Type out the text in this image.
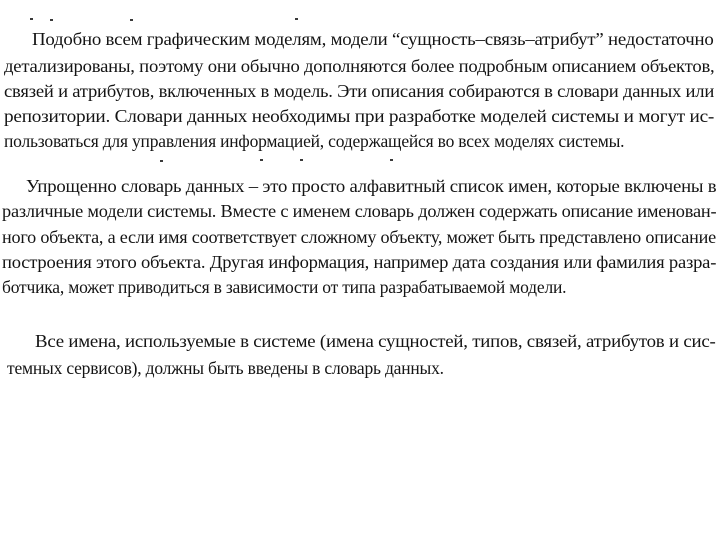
Подобно всем графическим моделям, модели “сущность–связь–атрибут” недостаточно
детализированы, поэтому они обычно дополняются более подробным описанием объектов,
связей и атрибутов, включенных в модель. Эти описания собираются в словари данных или
репозитории. Словари данных необходимы при разработке моделей системы и могут ис-
пользоваться для управления информацией, содержащейся во всех моделях системы.
Упрощенно словарь данных – это просто алфавитный список имен, которые включены в
различные модели системы. Вместе с именем словарь должен содержать описание именован-
ного объекта, а если имя соответствует сложному объекту, может быть представлено описание
построения этого объекта. Другая информация, например дата создания или фамилия разра-
ботчика, может приводиться в зависимости от типа разрабатываемой модели.
Все имена, используемые в системе (имена сущностей, типов, связей, атрибутов и сис-
темных сервисов), должны быть введены в словарь данных.
